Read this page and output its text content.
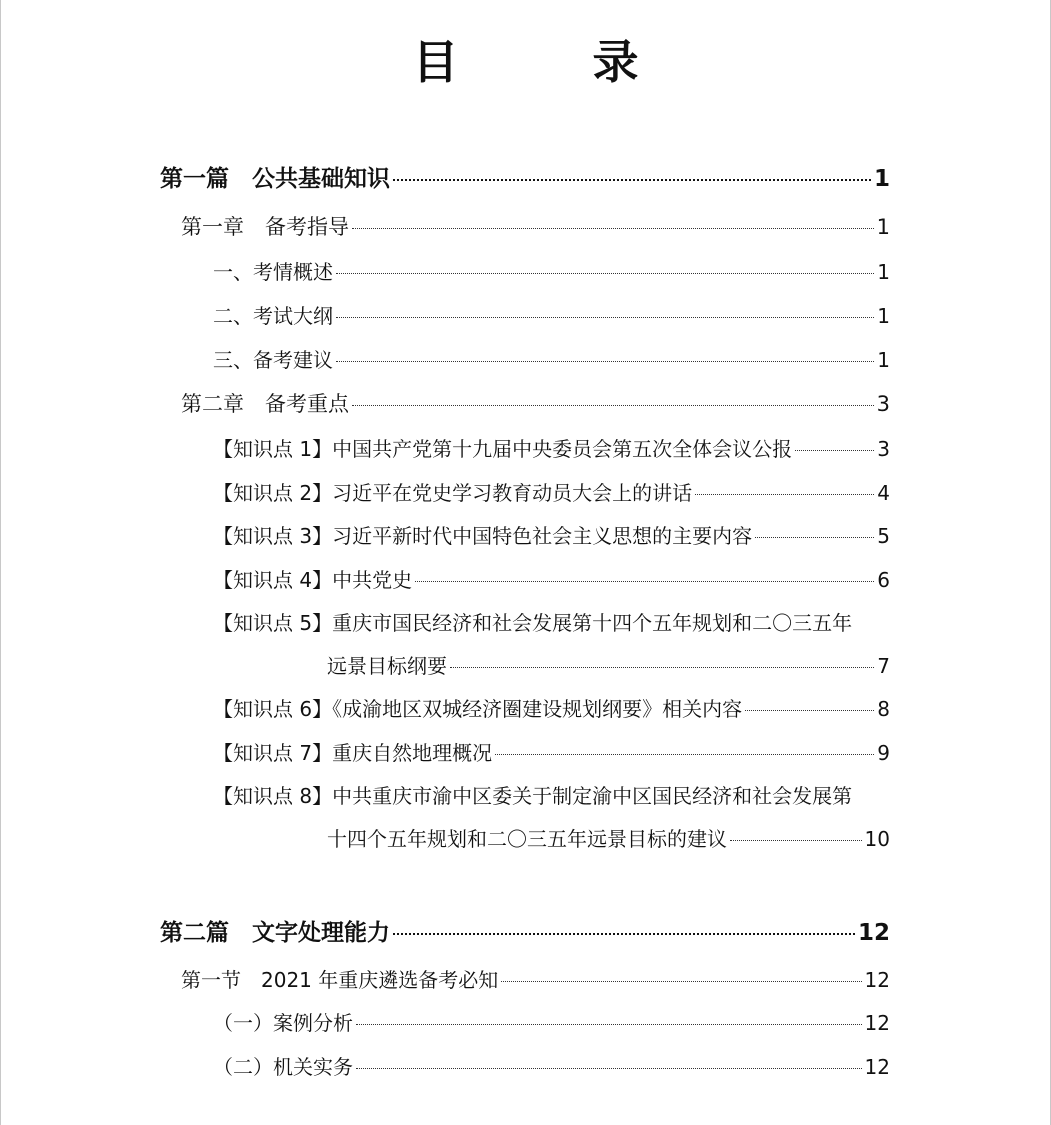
目　录
第一篇　公共基础知识	1
第一章　备考指导	1
一、考情概述	1
二、考试大纲	1
三、备考建议	1
第二章　备考重点	3
【知识点 1】中国共产党第十九届中央委员会第五次全体会议公报	3
【知识点 2】习近平在党史学习教育动员大会上的讲话	4
【知识点 3】习近平新时代中国特色社会主义思想的主要内容	5
【知识点 4】中共党史	6
【知识点 5】重庆市国民经济和社会发展第十四个五年规划和二〇三五年
远景目标纲要	7
【知识点 6】《成渝地区双城经济圈建设规划纲要》相关内容	8
【知识点 7】重庆自然地理概况	9
【知识点 8】中共重庆市渝中区委关于制定渝中区国民经济和社会发展第
十四个五年规划和二〇三五年远景目标的建议	10
第二篇　文字处理能力	12
第一节　2021 年重庆遴选备考必知	12
（一）案例分析	12
（二）机关实务	12
